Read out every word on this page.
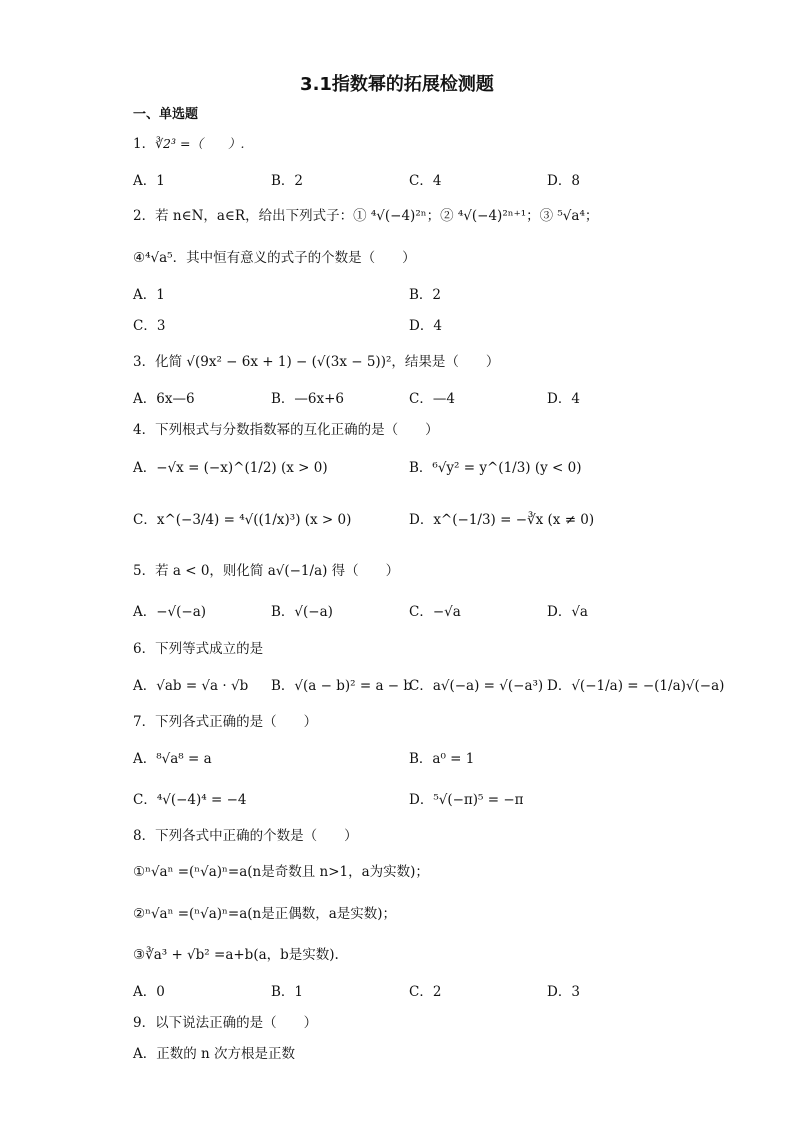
3.1指数幂的拓展检测题
一、单选题
1．∛2³ =（　　）.
A．1	B．2	C．4	D．8
2．若 n∈N，a∈R，给出下列式子：① ⁴√(−4)²ⁿ；② ⁴√(−4)²ⁿ⁺¹；③ ⁵√a⁴；
④⁴√a⁵．其中恒有意义的式子的个数是（　　）
A．1	B．2
C．3	D．4
3．化简 √(9x² − 6x + 1) − (√(3x − 5))²，结果是（　　）
A．6x—6	B．—6x+6	C．—4	D．4
4．下列根式与分数指数幂的互化正确的是（　　）
A．−√x = (−x)^(1/2) (x > 0)	B．⁶√y² = y^(1/3) (y < 0)
C．x^(−3/4) = ⁴√((1/x)³) (x > 0)	D．x^(−1/3) = −∛x (x ≠ 0)
5．若 a < 0，则化简 a√(−1/a) 得（　　）
A．−√(−a)	B．√(−a)	C．−√a	D．√a
6．下列等式成立的是
A．√ab = √a · √b B．√(a − b)² = a − b
C．a√(−a) = √(−a³) D．√(−1/a) = −(1/a)√(−a)
7．下列各式正确的是（　　）
A．⁸√a⁸ = a	B．a⁰ = 1
C．⁴√(−4)⁴ = −4	D．⁵√(−π)⁵ = −π
8．下列各式中正确的个数是（　　）
①ⁿ√aⁿ =(ⁿ√a)ⁿ=a(n是奇数且 n>1，a为实数)；
②ⁿ√aⁿ =(ⁿ√a)ⁿ=a(n是正偶数，a是实数)；
③∛a³ + √b² =a+b(a，b是实数).
A．0	B．1	C．2	D．3
9．以下说法正确的是（　　）
A．正数的 n 次方根是正数
